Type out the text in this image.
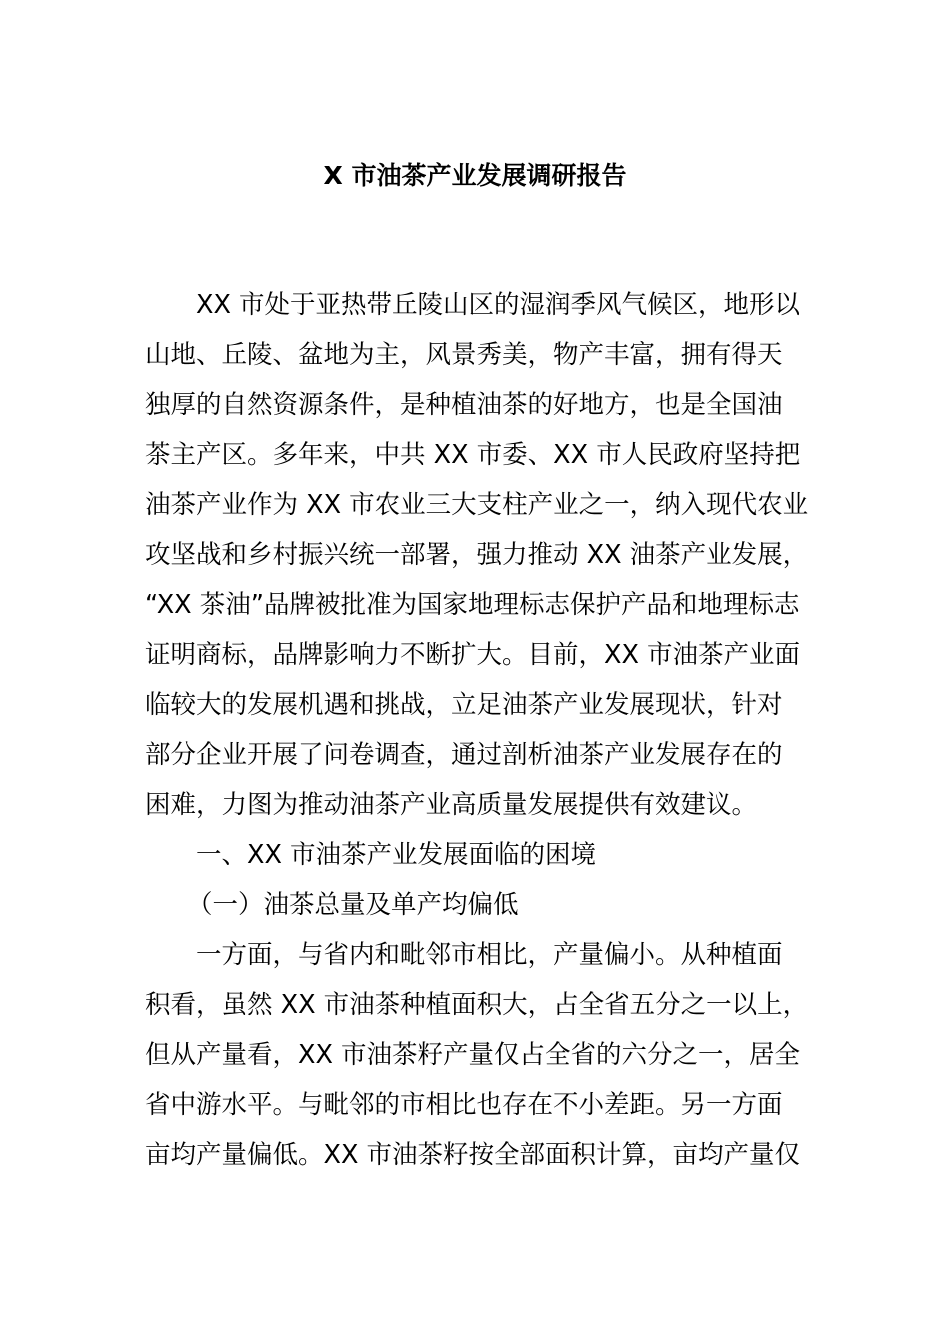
X 市油茶产业发展调研报告
XX 市处于亚热带丘陵山区的湿润季风气候区，地形以
山地、丘陵、盆地为主，风景秀美，物产丰富，拥有得天
独厚的自然资源条件，是种植油茶的好地方，也是全国油
茶主产区。多年来，中共 XX 市委、XX 市人民政府坚持把
油茶产业作为 XX 市农业三大支柱产业之一，纳入现代农业
攻坚战和乡村振兴统一部署，强力推动 XX 油茶产业发展，
“XX 茶油”品牌被批准为国家地理标志保护产品和地理标志
证明商标，品牌影响力不断扩大。目前，XX 市油茶产业面
临较大的发展机遇和挑战，立足油茶产业发展现状，针对
部分企业开展了问卷调查，通过剖析油茶产业发展存在的
困难，力图为推动油茶产业高质量发展提供有效建议。
一、XX 市油茶产业发展面临的困境
（一）油茶总量及单产均偏低
一方面，与省内和毗邻市相比，产量偏小。从种植面
积看，虽然 XX 市油茶种植面积大，占全省五分之一以上，
但从产量看，XX 市油茶籽产量仅占全省的六分之一，居全
省中游水平。与毗邻的市相比也存在不小差距。另一方面
亩均产量偏低。XX 市油茶籽按全部面积计算，亩均产量仅
